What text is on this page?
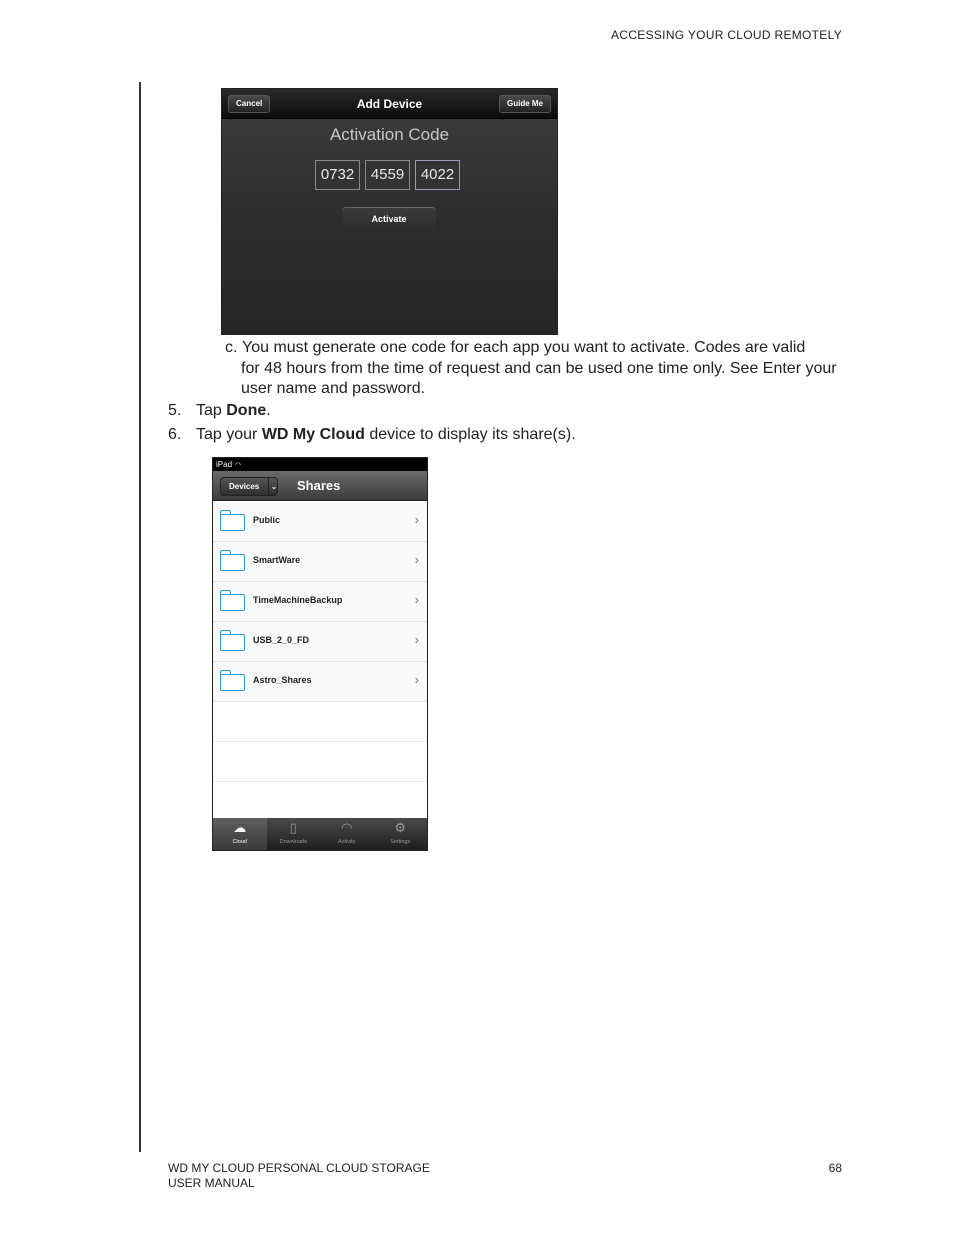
ACCESSING YOUR CLOUD REMOTELY
Cancel	Add Device	Guide Me
Activation Code
0732	4559	4022
Activate
c. You must generate one code for each app you want to activate. Codes are valid
for 48 hours from the time of request and can be used one time only. See Enter your user name and password.
5. Tap Done.
6. Tap your WD My Cloud device to display its share(s).
iPad ◠
Devices	⌄ Shares
Public	›
SmartWare	›
TimeMachineBackup	›
USB_2_0_FD	›
Astro_Shares	›
☁
Cloud
▯
Downloads
◠
Activity
⚙
Settings
WD MY CLOUD PERSONAL CLOUD STORAGE
USER MANUAL
68
